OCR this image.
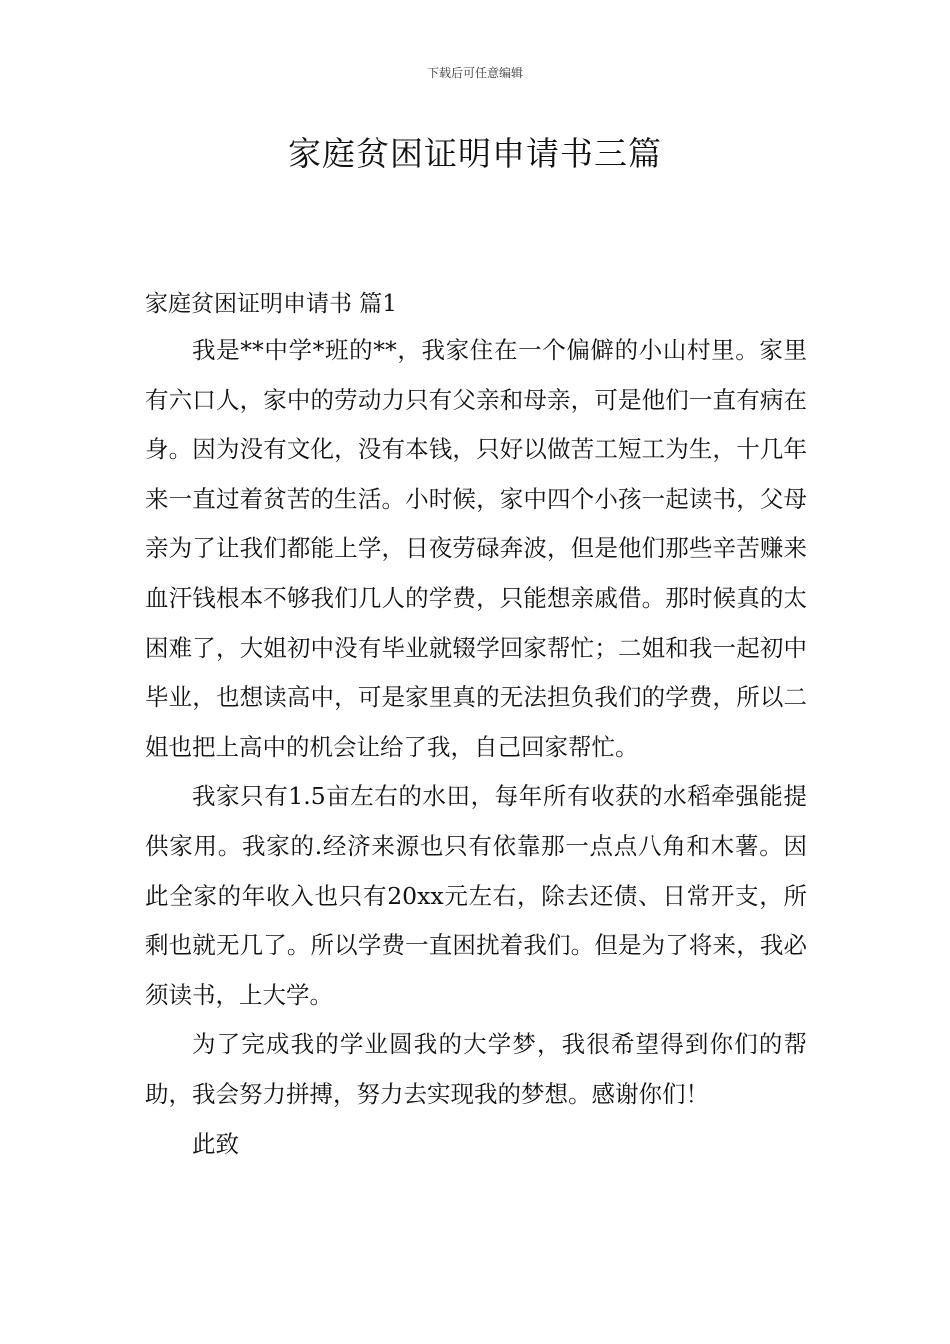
下载后可任意编辑
家庭贫困证明申请书三篇
家庭贫困证明申请书 篇1

我是**中学*班的**，我家住在一个偏僻的小山村里。家里有六口人，家中的劳动力只有父亲和母亲，可是他们一直有病在身。因为没有文化，没有本钱，只好以做苦工短工为生，十几年来一直过着贫苦的生活。小时候，家中四个小孩一起读书，父母亲为了让我们都能上学，日夜劳碌奔波，但是他们那些辛苦赚来血汗钱根本不够我们几人的学费，只能想亲戚借。那时候真的太困难了，大姐初中没有毕业就辍学回家帮忙；二姐和我一起初中毕业，也想读高中，可是家里真的无法担负我们的学费，所以二姐也把上高中的机会让给了我，自己回家帮忙。

我家只有1.5亩左右的水田，每年所有收获的水稻牵强能提供家用。我家的.经济来源也只有依靠那一点点八角和木薯。因此全家的年收入也只有20xx元左右，除去还债、日常开支，所剩也就无几了。所以学费一直困扰着我们。但是为了将来，我必须读书，上大学。

为了完成我的学业圆我的大学梦，我很希望得到你们的帮助，我会努力拼搏，努力去实现我的梦想。感谢你们！

此致
